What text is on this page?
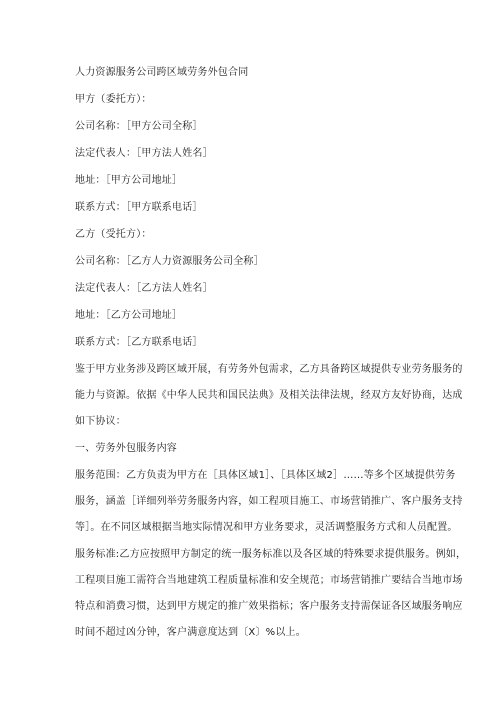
人力资源服务公司跨区域劳务外包合同
甲方（委托方）：
公司名称：［甲方公司全称］
法定代表人：［甲方法人姓名］
地址：［甲方公司地址］
联系方式：［甲方联系电话］
乙方（受托方）：
公司名称：［乙方人力资源服务公司全称］
法定代表人：［乙方法人姓名］
地址：［乙方公司地址］
联系方式：［乙方联系电话］
鉴于甲方业务涉及跨区域开展，有劳务外包需求，乙方具备跨区域提供专业劳务服务的
能力与资源。依据《中华人民共和国民法典》及相关法律法规，经双方友好协商，达成
如下协议：
一、劳务外包服务内容
服务范围：乙方负责为甲方在［具体区域1］、［具体区域2］……等多个区域提供劳务
服务，涵盖［详细列举劳务服务内容，如工程项目施工、市场营销推广、客户服务支持
等］。在不同区域根据当地实际情况和甲方业务要求，灵活调整服务方式和人员配置。
服务标准:乙方应按照甲方制定的统一服务标准以及各区域的特殊要求提供服务。例如，
工程项目施工需符合当地建筑工程质量标准和安全规范；市场营销推广要结合当地市场
特点和消费习惯，达到甲方规定的推广效果指标；客户服务支持需保证各区域服务响应
时间不超过凶分钟，客户满意度达到〔X〕%以上。
